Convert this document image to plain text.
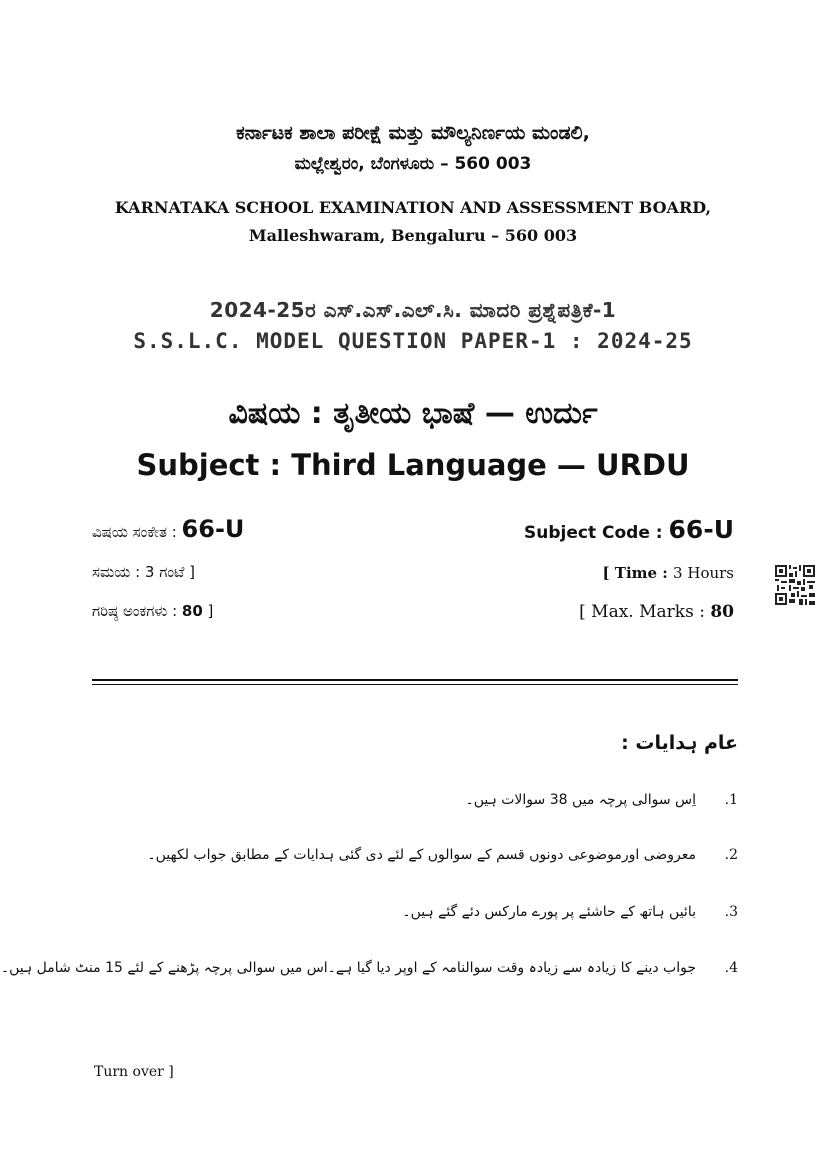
ಕರ್ನಾಟಕ ಶಾಲಾ ಪರೀಕ್ಷೆ ಮತ್ತು ಮೌಲ್ಯನಿರ್ಣಯ ಮಂಡಲಿ,
ಮಲ್ಲೇಶ್ವರಂ, ಬೆಂಗಳೂರು – 560 003
KARNATAKA SCHOOL EXAMINATION AND ASSESSMENT BOARD,
Malleshwaram, Bengaluru – 560 003
2024-25ರ ಎಸ್.ಎಸ್.ಎಲ್.ಸಿ. ಮಾದರಿ ಪ್ರಶ್ನೆಪತ್ರಿಕೆ-1
S.S.L.C. MODEL QUESTION PAPER-1 : 2024-25
ವಿಷಯ : ತೃತೀಯ ಭಾಷೆ — ಉರ್ದು
Subject : Third Language — URDU
ವಿಷಯ ಸಂಕೇತ : 66-U	Subject Code : 66-U
ಸಮಯ : 3 ಗಂಟೆ ]	[ Time : 3 Hours
ಗರಿಷ್ಠ ಅಂಕಗಳು : 80 ]	[ Max. Marks : 80
عام ہدایات :
.1اِس سوالی پرچہ میں 38 سوالات ہیں۔
.2معروضی اورموضوعی دونوں قسم کے سوالوں کے لئے دی گئی ہدایات کے مطابق جواب لکھیں۔
.3بائیں ہاتھ کے حاشئے پر پورے مارکس دئے گئے ہیں۔
.4جواب دینے کا زیادہ سے زیادہ وقت سوالنامہ کے اوپر دیا گیا ہے۔اس میں سوالی پرچہ پڑھنے کے لئے 15 منٹ شامل ہیں۔
Turn over ]
